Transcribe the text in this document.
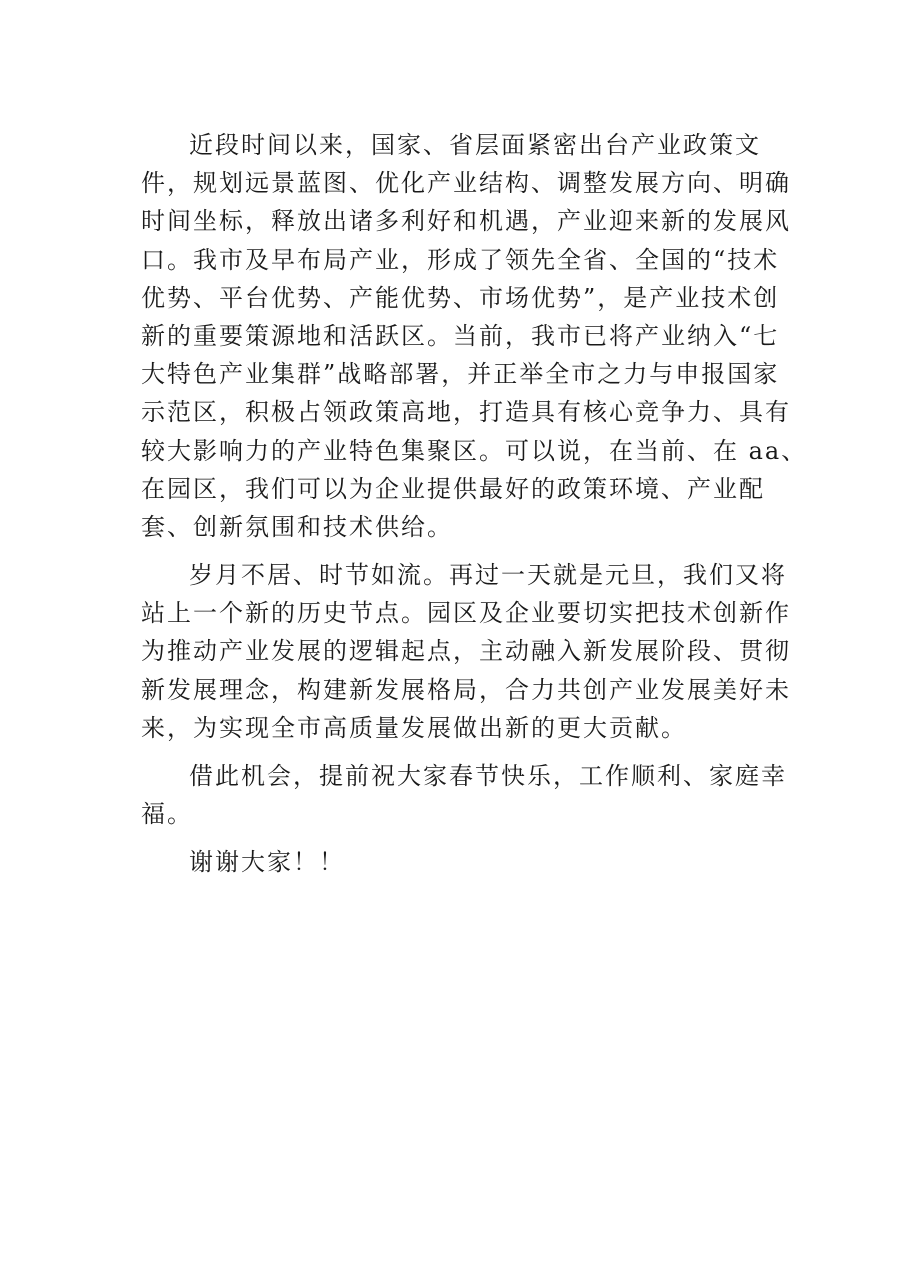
近段时间以来，国家、省层面紧密出台产业政策文
件，规划远景蓝图、优化产业结构、调整发展方向、明确
时间坐标，释放出诸多利好和机遇，产业迎来新的发展风
口。我市及早布局产业，形成了领先全省、全国的“技术
优势、平台优势、产能优势、市场优势”，是产业技术创
新的重要策源地和活跃区。当前，我市已将产业纳入“七
大特色产业集群”战略部署，并正举全市之力与申报国家
示范区，积极占领政策高地，打造具有核心竞争力、具有
较大影响力的产业特色集聚区。可以说，在当前、在 aa、
在园区，我们可以为企业提供最好的政策环境、产业配
套、创新氛围和技术供给。
岁月不居、时节如流。再过一天就是元旦，我们又将
站上一个新的历史节点。园区及企业要切实把技术创新作
为推动产业发展的逻辑起点，主动融入新发展阶段、贯彻
新发展理念，构建新发展格局，合力共创产业发展美好未
来，为实现全市高质量发展做出新的更大贡献。
借此机会，提前祝大家春节快乐，工作顺利、家庭幸
福。
谢谢大家！！
